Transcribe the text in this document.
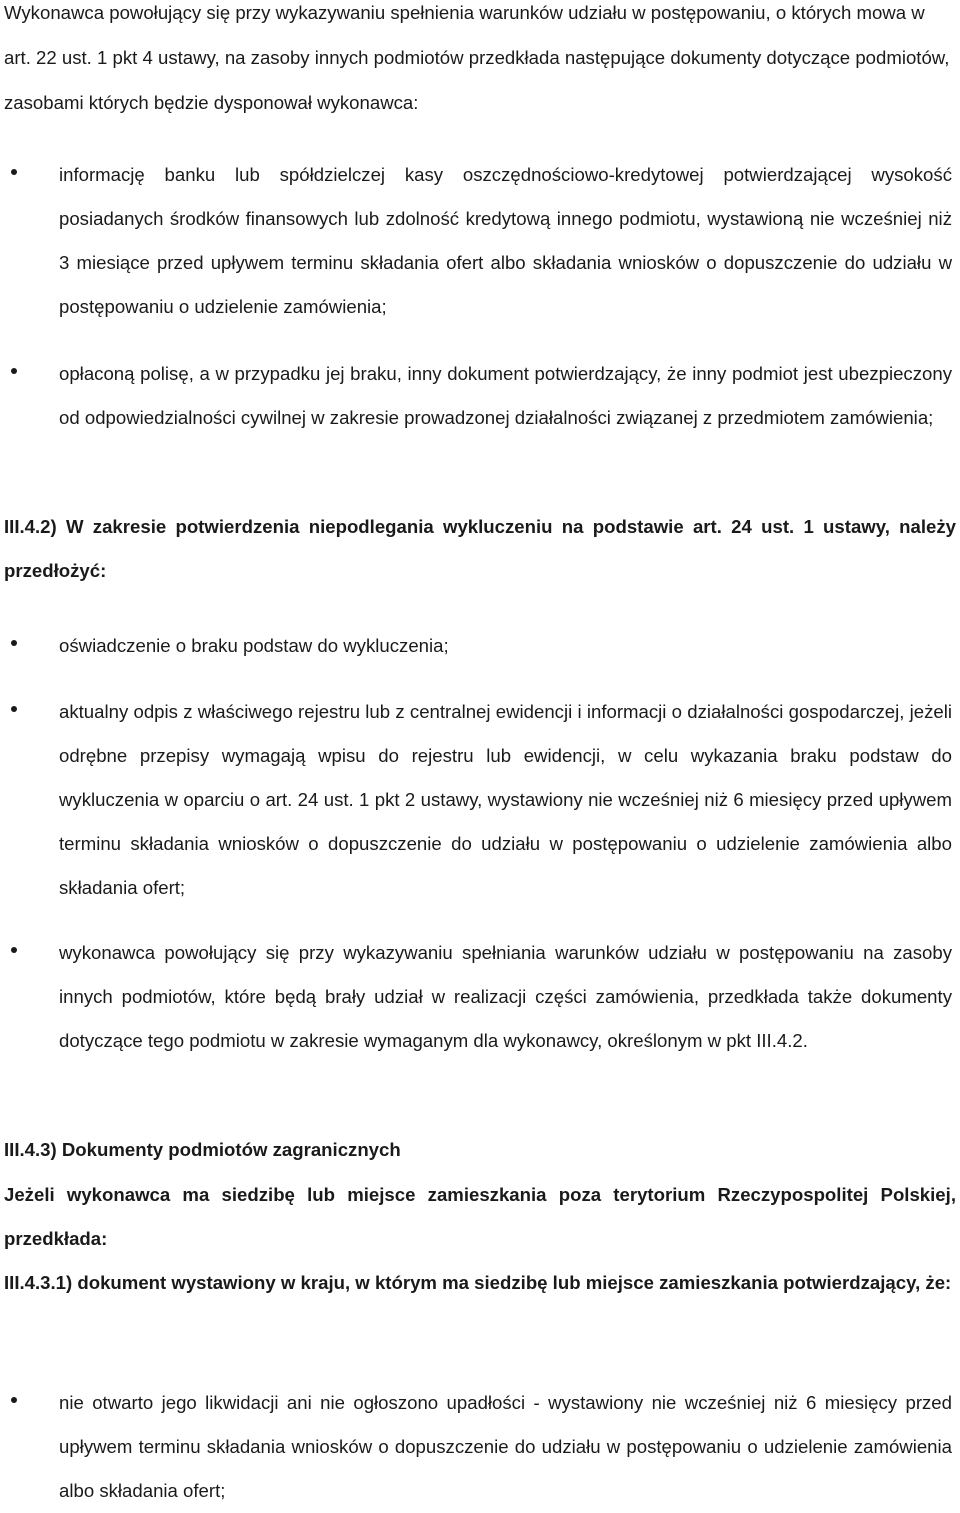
Wykonawca powołujący się przy wykazywaniu spełnienia warunków udziału w postępowaniu, o których mowa w art. 22 ust. 1 pkt 4 ustawy, na zasoby innych podmiotów przedkłada następujące dokumenty dotyczące podmiotów, zasobami których będzie dysponował wykonawca:

informację banku lub spółdzielczej kasy oszczędnościowo-kredytowej potwierdzającej wysokość posiadanych środków finansowych lub zdolność kredytową innego podmiotu, wystawioną nie wcześniej niż 3 miesiące przed upływem terminu składania ofert albo składania wniosków o dopuszczenie do udziału w postępowaniu o udzielenie zamówienia;
opłaconą polisę, a w przypadku jej braku, inny dokument potwierdzający, że inny podmiot jest ubezpieczony od odpowiedzialności cywilnej w zakresie prowadzonej działalności związanej z przedmiotem zamówienia;

III.4.2) W zakresie potwierdzenia niepodlegania wykluczeniu na podstawie art. 24 ust. 1 ustawy, należy przedłożyć:

oświadczenie o braku podstaw do wykluczenia;
aktualny odpis z właściwego rejestru lub z centralnej ewidencji i informacji o działalności gospodarczej, jeżeli odrębne przepisy wymagają wpisu do rejestru lub ewidencji, w celu wykazania braku podstaw do wykluczenia w oparciu o art. 24 ust. 1 pkt 2 ustawy, wystawiony nie wcześniej niż 6 miesięcy przed upływem terminu składania wniosków o dopuszczenie do udziału w postępowaniu o udzielenie zamówienia albo składania ofert;
wykonawca powołujący się przy wykazywaniu spełniania warunków udziału w postępowaniu na zasoby innych podmiotów, które będą brały udział w realizacji części zamówienia, przedkłada także dokumenty dotyczące tego podmiotu w zakresie wymaganym dla wykonawcy, określonym w pkt III.4.2.

III.4.3) Dokumenty podmiotów zagranicznych

Jeżeli wykonawca ma siedzibę lub miejsce zamieszkania poza terytorium Rzeczypospolitej Polskiej, przedkłada:

III.4.3.1) dokument wystawiony w kraju, w którym ma siedzibę lub miejsce zamieszkania potwierdzający, że:

nie otwarto jego likwidacji ani nie ogłoszono upadłości - wystawiony nie wcześniej niż 6 miesięcy przed upływem terminu składania wniosków o dopuszczenie do udziału w postępowaniu o udzielenie zamówienia albo składania ofert;
